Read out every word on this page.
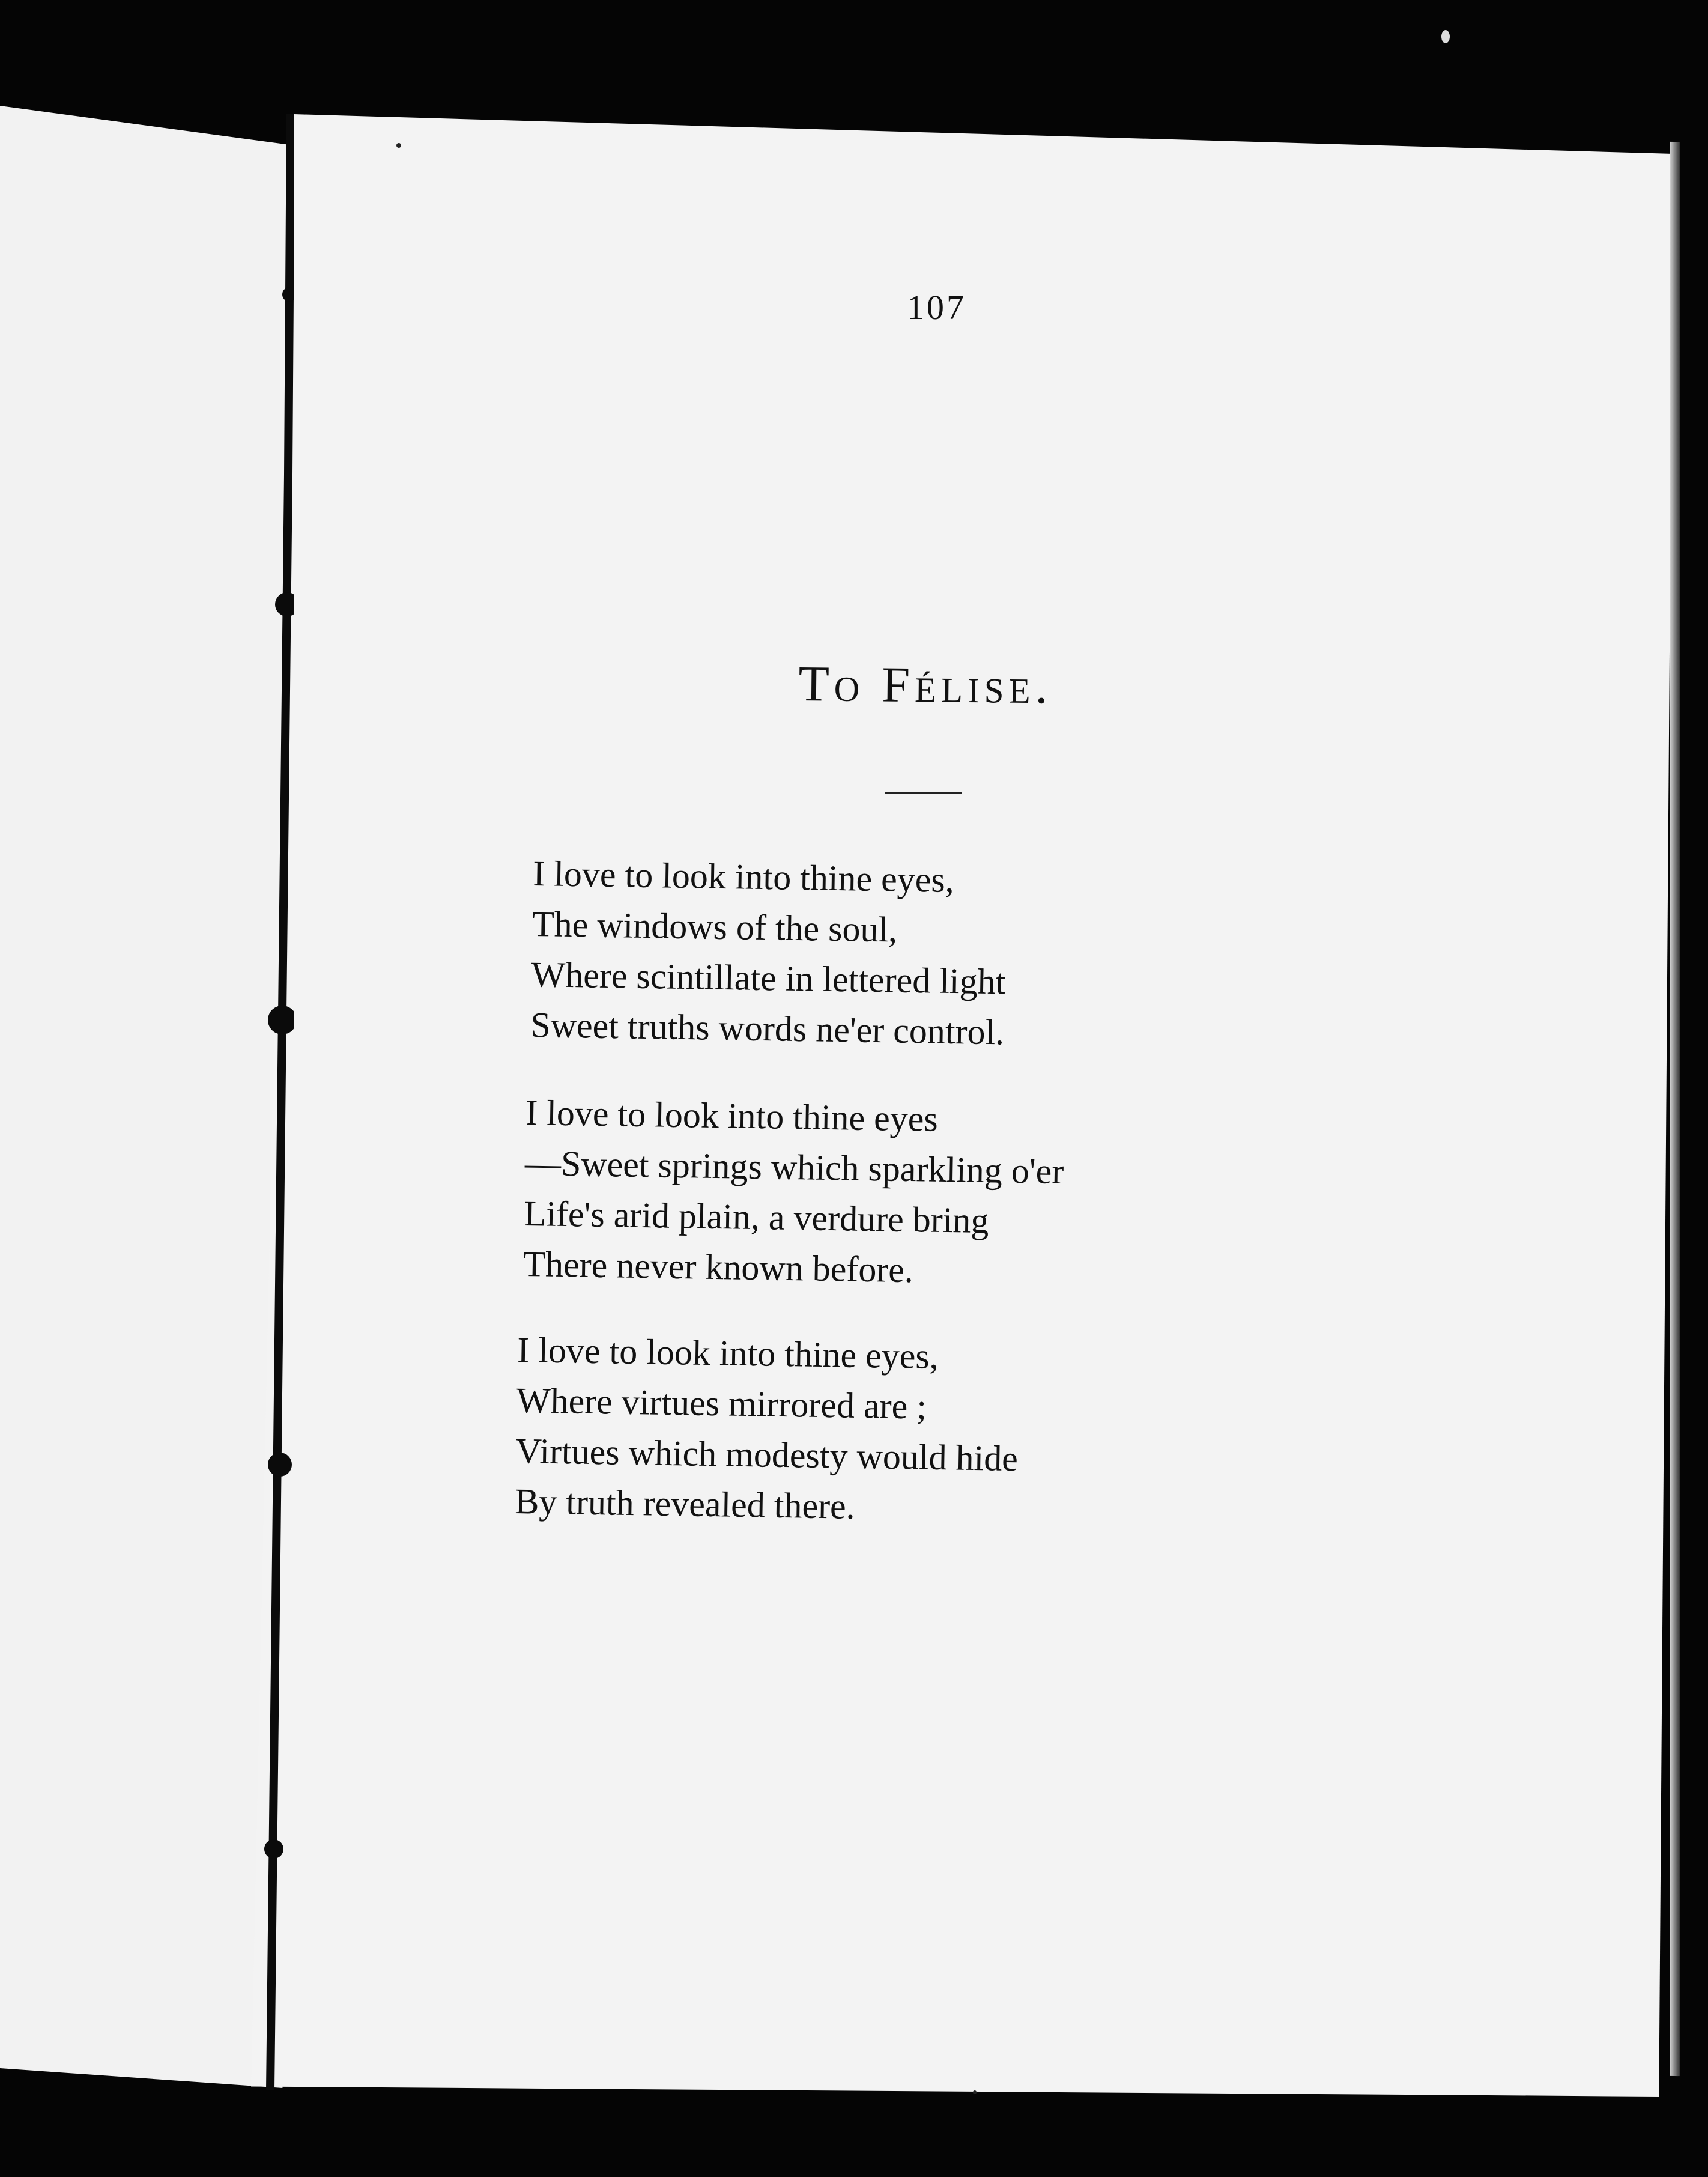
107
To Félise.
I love to look into thine eyes,
The windows of the soul,
Where scintillate in lettered light
Sweet truths words ne'er control.
I love to look into thine eyes
—Sweet springs which sparkling o'er
Life's arid plain, a verdure bring
There never known before.
I love to look into thine eyes,
Where virtues mirrored are ;
Virtues which modesty would hide
By truth revealed there.
